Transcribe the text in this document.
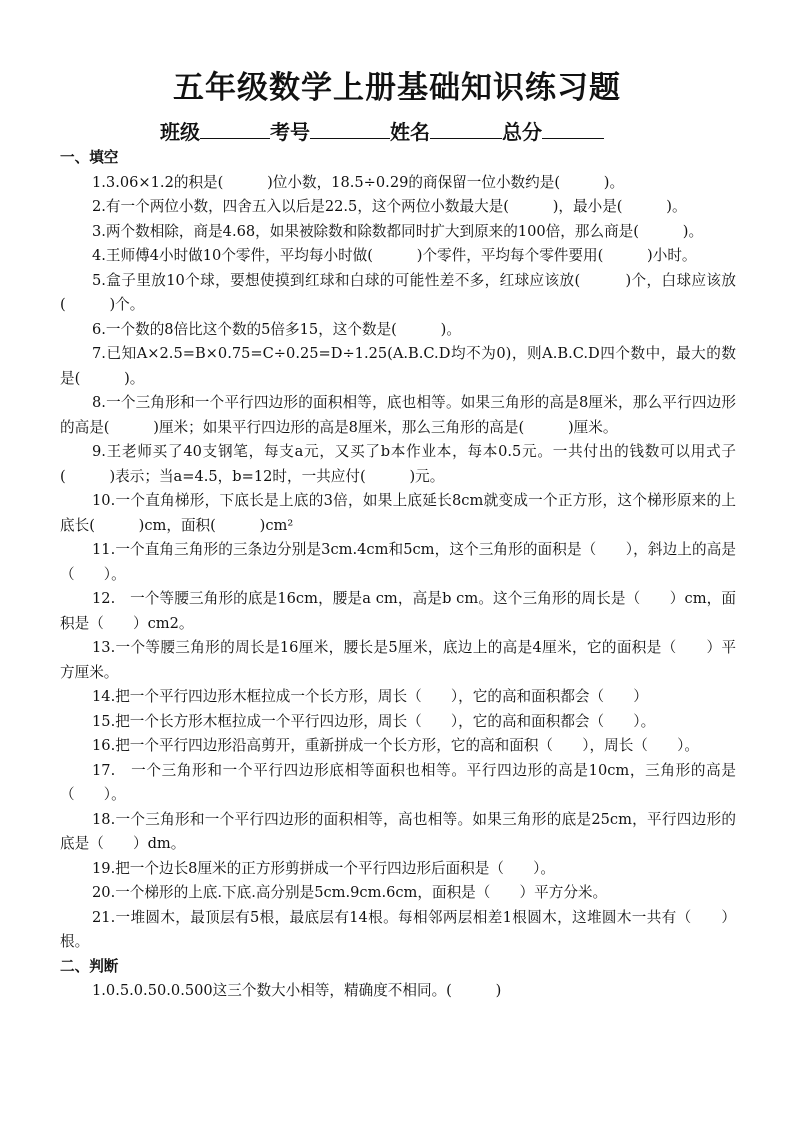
五年级数学上册基础知识练习题
班级	考号	姓名	总分

一、填空

1.3.06×1.2的积是(　　　)位小数，18.5÷0.29的商保留一位小数约是(　　　)。

2.有一个两位小数，四舍五入以后是22.5，这个两位小数最大是(　　　)，最小是(　　　)。

3.两个数相除，商是4.68，如果被除数和除数都同时扩大到原来的100倍，那么商是(　　　)。

4.王师傅4小时做10个零件，平均每小时做(　　　)个零件，平均每个零件要用(　　　)小时。

5.盒子里放10个球，要想使摸到红球和白球的可能性差不多，红球应该放(　　　)个，白球应该放(　　　)个。

6.一个数的8倍比这个数的5倍多15，这个数是(　　　)。

7.已知A×2.5=B×0.75=C÷0.25=D÷1.25(A.B.C.D均不为0)，则A.B.C.D四个数中，最大的数是(　　　)。

8.一个三角形和一个平行四边形的面积相等，底也相等。如果三角形的高是8厘米，那么平行四边形的高是(　　　)厘米；如果平行四边形的高是8厘米，那么三角形的高是(　　　)厘米。

9.王老师买了40支钢笔，每支a元，又买了b本作业本，每本0.5元。一共付出的钱数可以用式子(　　　)表示；当a=4.5，b=12时，一共应付(　　　)元。

10.一个直角梯形，下底长是上底的3倍，如果上底延长8cm就变成一个正方形，这个梯形原来的上底长(　　　)cm，面积(　　　)cm²

11.一个直角三角形的三条边分别是3cm.4cm和5cm，这个三角形的面积是（　　），斜边上的高是（　　）。

12.　一个等腰三角形的底是16cm，腰是a cm，高是b cm。这个三角形的周长是（　　）cm，面积是（　　）cm2。

13.一个等腰三角形的周长是16厘米，腰长是5厘米，底边上的高是4厘米，它的面积是（　　）平方厘米。

14.把一个平行四边形木框拉成一个长方形，周长（　　），它的高和面积都会（　　）

15.把一个长方形木框拉成一个平行四边形，周长（　　），它的高和面积都会（　　）。

16.把一个平行四边形沿高剪开，重新拼成一个长方形，它的高和面积（　　），周长（　　）。

17.　一个三角形和一个平行四边形底相等面积也相等。平行四边形的高是10cm，三角形的高是（　　）。

18.一个三角形和一个平行四边形的面积相等，高也相等。如果三角形的底是25cm，平行四边形的底是（　　）dm。

19.把一个边长8厘米的正方形剪拼成一个平行四边形后面积是（　　）。

20.一个梯形的上底.下底.高分别是5cm.9cm.6cm，面积是（　　）平方分米。

21.一堆圆木，最顶层有5根，最底层有14根。每相邻两层相差1根圆木，这堆圆木一共有（　　）根。

二、判断

1.0.5.0.50.0.500这三个数大小相等，精确度不相同。(　　　)
